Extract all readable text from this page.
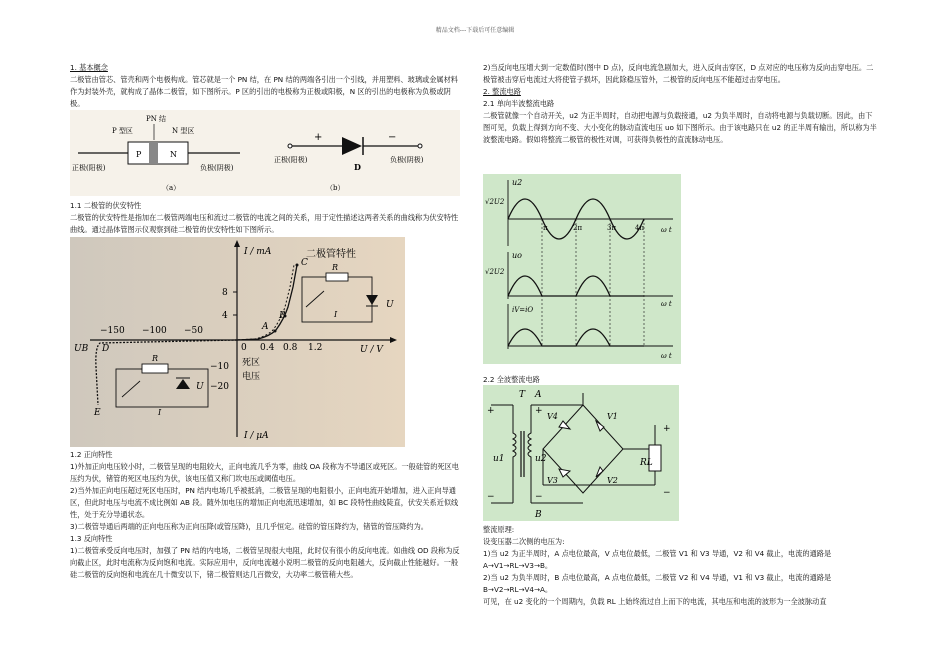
精品文档---下载后可任意编辑

1. 基本概念

二极管由管芯、管壳和两个电极构成。管芯就是一个 PN 结，在 PN 结的两端各引出一个引线，并用塑料、玻璃或金属材料作为封装外壳，就构成了晶体二极管，如下图所示。P 区的引出的电极称为正极或阳极，N 区的引出的电极称为负极或阴极。

PN 结
P 型区	N 型区
P	N
正极(阳极)	负极(阴极)
（a）
+	−
正极(阳极)
D
负极(阴极)
（b）

1.1 二极管的伏安特性

二极管的伏安特性是指加在二极管两端电压和流过二极管的电流之间的关系，用于定性描述这两者关系的曲线称为伏安特性曲线。通过晶体管图示仪观察到硅二极管的伏安特性如下图所示。

I / mA
I / μA
U / V
二极管特性
−150 −100 −50
0 0.4 0.8 1.2
8
4
−10
−20
C
B
A
UB D
E
死区
电压
R
U
I
R
U
I

1.2 正向特性

1)外加正向电压较小时，二极管呈现的电阻较大，正向电流几乎为零，曲线 OA 段称为不导通区或死区。一般硅管的死区电压约为伏，锗管的死区电压约为伏，该电压值又称门坎电压或阈值电压。

2)当外加正向电压超过死区电压时，PN 结内电场几乎被抵消，二极管呈现的电阻很小，正向电流开始增加，进入正向导通区，但此时电压与电流不成比例如 AB 段。随外加电压的增加正向电流迅速增加，如 BC 段特性曲线陡直，伏安关系近似线性，处于充分导通状态。

3)二极管导通后两端的正向电压称为正向压降(或管压降)，且几乎恒定。硅管的管压降约为，锗管的管压降约为。

1.3 反向特性

1)二极管承受反向电压时，加强了 PN 结的内电场，二极管呈现很大电阻，此时仅有很小的反向电流。如曲线 OD 段称为反向截止区，此时电流称为反向饱和电流。实际应用中，反向电流越小说明二极管的反向电阻越大，反向截止性能越好。一般硅二极管的反向饱和电流在几十微安以下，锗二极管则达几百微安，大功率二极管稍大些。

2)当反向电压增大到一定数值时(图中 D 点)，反向电流急剧加大，进入反向击穿区，D 点对应的电压称为反向击穿电压。二极管被击穿后电流过大将使管子损坏，因此除稳压管外，二极管的反向电压不能超过击穿电压。

2. 整流电路

2.1 单向半波整流电路

二极管就像一个自动开关，u2 为正半周时，自动把电源与负载接通，u2 为负半周时，自动将电源与负载切断。因此，由下图可见，负载上得到方向不变、大小变化的脉动直流电压 uo 如下图所示。由于该电路只在 u2 的正半周有输出，所以称为半波整流电路。假如将整流二极管的极性对调，可获得负极性的直流脉动电压。

u2
√2U2
ω t
π	2π	3π	4π
uo
√2U2
ω t
iV=iO
ω t

2.2 全波整流电路

T A
B
+
−
u1	u2
+
−
RL
+
−
V1
V2
V3
V4

整流原理:

设变压器二次侧的电压为:

1)当 u2 为正半周时，A 点电位最高，V 点电位最低，二极管 V1 和 V3 导通，V2 和 V4 截止，电流的通路是

A→V1→RL→V3→B。

2)当 u2 为负半周时，B 点电位最高，A 点电位最低，二极管 V2 和 V4 导通，V1 和 V3 截止，电流的通路是

B→V2→RL→V4→A。

可见，在 u2 变化的一个周期内，负载 RL 上始终流过自上而下的电流，其电压和电流的波形为一全波脉动直
